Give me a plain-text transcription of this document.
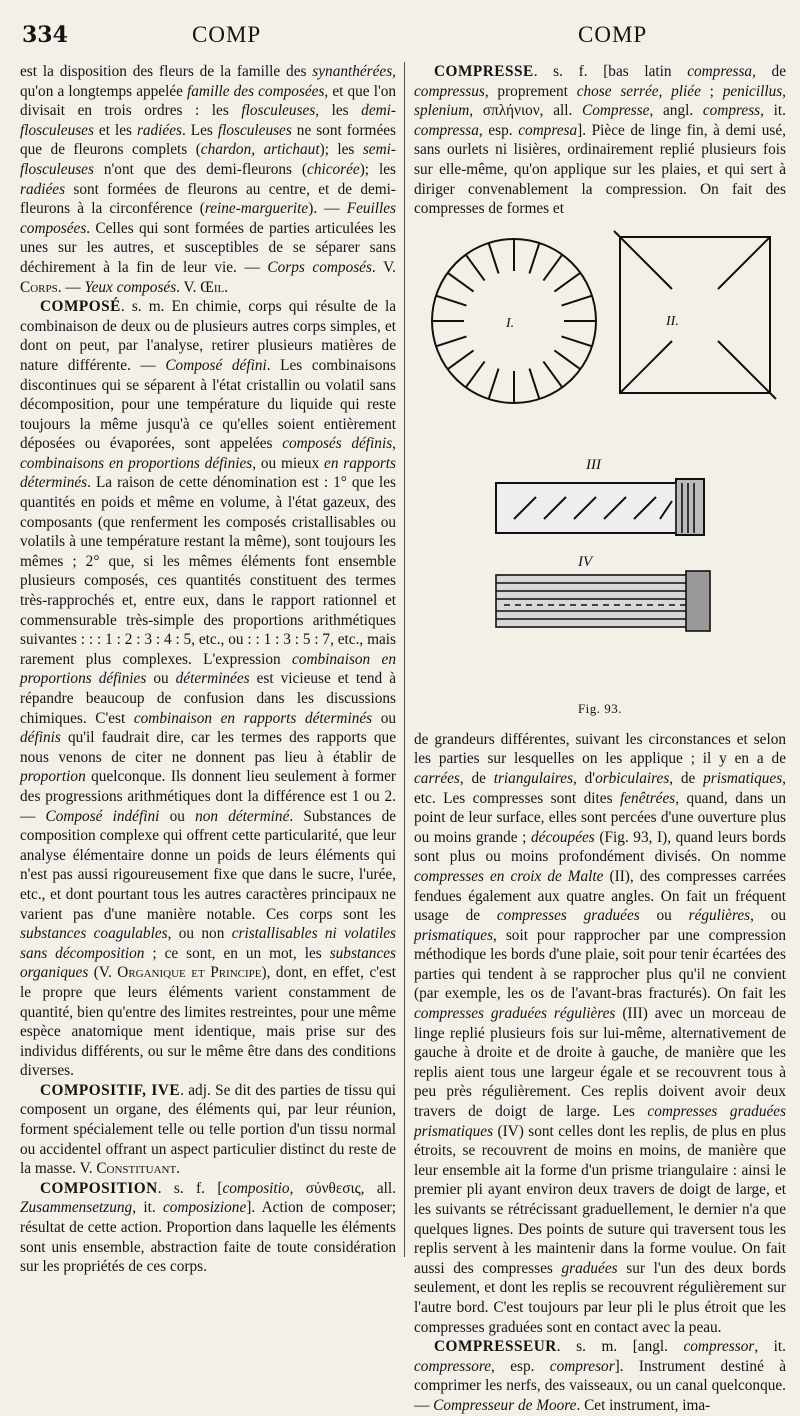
334	COMP	COMP

est la disposition des fleurs de la famille des synanthérées, qu'on a longtemps appelée famille des composées, et que l'on divisait en trois ordres : les flosculeuses, les demi-flosculeuses et les radiées. Les flosculeuses ne sont formées que de fleurons complets (chardon, artichaut); les semi-flosculeuses n'ont que des demi-fleurons (chicorée); les radiées sont formées de fleurons au centre, et de demi-fleurons à la circonférence (reine-marguerite). — Feuilles composées. Celles qui sont formées de parties articulées les unes sur les autres, et susceptibles de se séparer sans déchirement à la fin de leur vie. — Corps composés. V. Corps. — Yeux composés. V. Œil.

COMPOSÉ. s. m. En chimie, corps qui résulte de la combinaison de deux ou de plusieurs autres corps simples, et dont on peut, par l'analyse, retirer plusieurs matières de nature différente. — Composé défini. Les combinaisons discontinues qui se séparent à l'état cristallin ou volatil sans décomposition, pour une température du liquide qui reste toujours la même jusqu'à ce qu'elles soient entièrement déposées ou évaporées, sont appelées composés définis, combinaisons en proportions définies, ou mieux en rapports déterminés. La raison de cette dénomination est : 1° que les quantités en poids et même en volume, à l'état gazeux, des composants (que renferment les composés cristallisables ou volatils à une température restant la même), sont toujours les mêmes ; 2° que, si les mêmes éléments font ensemble plusieurs composés, ces quantités constituent des termes très-rapprochés et, entre eux, dans le rapport rationnel et commensurable très-simple des proportions arithmétiques suivantes : : : 1 : 2 : 3 : 4 : 5, etc., ou : : 1 : 3 : 5 : 7, etc., mais rarement plus complexes. L'expression combinaison en proportions définies ou déterminées est vicieuse et tend à répandre beaucoup de confusion dans les discussions chimiques. C'est combinaison en rapports déterminés ou définis qu'il faudrait dire, car les termes des rapports que nous venons de citer ne donnent pas lieu à établir de proportion quelconque. Ils donnent lieu seulement à former des progressions arithmétiques dont la différence est 1 ou 2. — Composé indéfini ou non déterminé. Substances de composition complexe qui offrent cette particularité, que leur analyse élémentaire donne un poids de leurs éléments qui n'est pas aussi rigoureusement fixe que dans le sucre, l'urée, etc., et dont pourtant tous les autres caractères principaux ne varient pas d'une manière notable. Ces corps sont les substances coagulables, ou non cristallisables ni volatiles sans décomposition ; ce sont, en un mot, les substances organiques (V. Organique et Principe), dont, en effet, c'est le propre que leurs éléments varient constamment de quantité, bien qu'entre des limites restreintes, pour une même espèce anatomique ment identique, mais prise sur des individus différents, ou sur le même être dans des conditions diverses.

COMPOSITIF, IVE. adj. Se dit des parties de tissu qui composent un organe, des éléments qui, par leur réunion, forment spécialement telle ou telle portion d'un tissu normal ou accidentel offrant un aspect particulier distinct du reste de la masse. V. Constituant.

COMPOSITION. s. f. [compositio, σύνθεσις, all. Zusammensetzung, it. composizione]. Action de composer; résultat de cette action. Proportion dans laquelle les éléments sont unis ensemble, abstraction faite de toute considération sur les propriétés de ces corps.

COMPRESSE. s. f. [bas latin compressa, de compressus, proprement chose serrée, pliée ; penicillus, splenium, σπλήνιον, all. Compresse, angl. compress, it. compressa, esp. compresa]. Pièce de linge fin, à demi usé, sans ourlets ni lisières, ordinairement replié plusieurs fois sur elle-même, qu'on applique sur les plaies, et qui sert à diriger convenablement la compression. On fait des compresses de formes et

I.	II.
III
IV
Fig. 93.

de grandeurs différentes, suivant les circonstances et selon les parties sur lesquelles on les applique ; il y en a de carrées, de triangulaires, d'orbiculaires, de prismatiques, etc. Les compresses sont dites fenêtrées, quand, dans un point de leur surface, elles sont percées d'une ouverture plus ou moins grande ; découpées (Fig. 93, I), quand leurs bords sont plus ou moins profondément divisés. On nomme compresses en croix de Malte (II), des compresses carrées fendues également aux quatre angles. On fait un fréquent usage de compresses graduées ou régulières, ou prismatiques, soit pour rapprocher par une compression méthodique les bords d'une plaie, soit pour tenir écartées des parties qui tendent à se rapprocher plus qu'il ne convient (par exemple, les os de l'avant-bras fracturés). On fait les compresses graduées régulières (III) avec un morceau de linge replié plusieurs fois sur lui-même, alternativement de gauche à droite et de droite à gauche, de manière que les replis aient tous une largeur égale et se recouvrent tous à peu près régulièrement. Ces replis doivent avoir deux travers de doigt de large. Les compresses graduées prismatiques (IV) sont celles dont les replis, de plus en plus étroits, se recouvrent de moins en moins, de manière que leur ensemble ait la forme d'un prisme triangulaire : ainsi le premier pli ayant environ deux travers de doigt de large, et les suivants se rétrécissant graduellement, le dernier n'a que quelques lignes. Des points de suture qui traversent tous les replis servent à les maintenir dans la forme voulue. On fait aussi des compresses graduées sur l'un des deux bords seulement, et dont les replis se recouvrent régulièrement sur l'autre bord. C'est toujours par leur pli le plus étroit que les compresses graduées sont en contact avec la peau.

COMPRESSEUR. s. m. [angl. compressor, it. compressore, esp. compresor]. Instrument destiné à comprimer les nerfs, des vaisseaux, ou un canal quelconque. — Compresseur de Moore. Cet instrument, ima-
